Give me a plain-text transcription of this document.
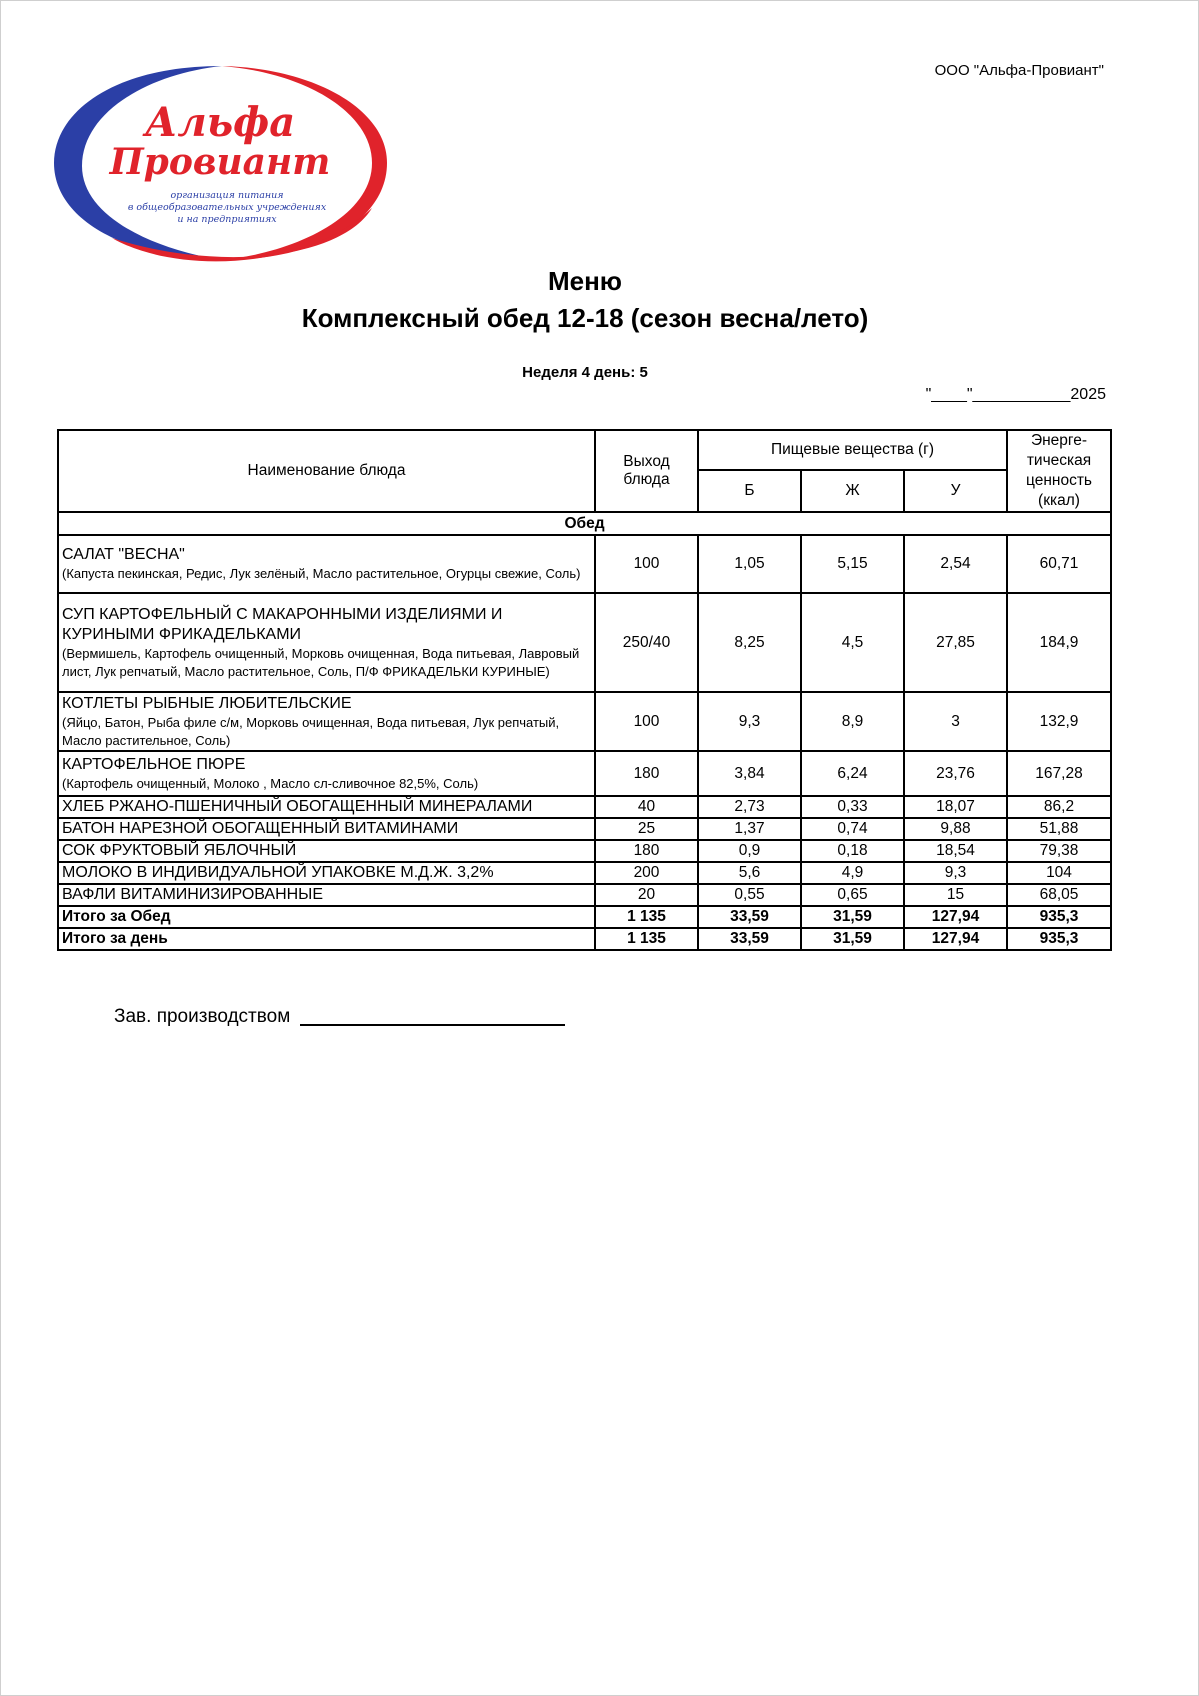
ООО "Альфа-Провиант"
Альфа
Провиант
организация питания
в общеобразовательных учреждениях
и на предприятиях
Меню
Комплексный обед 12-18 (сезон весна/лето)
Неделя 4 день: 5
"____"___________2025
Наименование блюда	Выход блюда	Пищевые вещества (г)			Энерге-тическая ценность (ккал)
		Б	Ж	У	
Обед					

САЛАТ "ВЕСНА"
(Капуста пекинская, Редис, Лук зелёный, Масло растительное, Огурцы свежие, Соль)	100	1,05	5,15	2,54	60,71

СУП КАРТОФЕЛЬНЫЙ С МАКАРОННЫМИ ИЗДЕЛИЯМИ И КУРИНЫМИ ФРИКАДЕЛЬКАМИ
(Вермишель, Картофель очищенный, Морковь очищенная, Вода питьевая, Лавровый лист, Лук репчатый, Масло растительное, Соль, П/Ф ФРИКАДЕЛЬКИ КУРИНЫЕ)	250/40	8,25	4,5	27,85	184,9

КОТЛЕТЫ РЫБНЫЕ ЛЮБИТЕЛЬСКИЕ
(Яйцо, Батон, Рыба филе с/м, Морковь очищенная, Вода питьевая, Лук репчатый, Масло растительное, Соль)	100	9,3	8,9	3	132,9

КАРТОФЕЛЬНОЕ ПЮРЕ
(Картофель очищенный, Молоко , Масло сл-сливочное 82,5%, Соль)	180	3,84	6,24	23,76	167,28

ХЛЕБ РЖАНО-ПШЕНИЧНЫЙ ОБОГАЩЕННЫЙ МИНЕРАЛАМИ	40	2,73	0,33	18,07	86,2

БАТОН НАРЕЗНОЙ ОБОГАЩЕННЫЙ ВИТАМИНАМИ	25	1,37	0,74	9,88	51,88

СОК ФРУКТОВЫЙ ЯБЛОЧНЫЙ	180	0,9	0,18	18,54	79,38

МОЛОКО В ИНДИВИДУАЛЬНОЙ УПАКОВКЕ М.Д.Ж. 3,2%	200	5,6	4,9	9,3	104

ВАФЛИ ВИТАМИНИЗИРОВАННЫЕ	20	0,55	0,65	15	68,05
Итого за Обед	1 135	33,59	31,59	127,94	935,3
Итого за день	1 135	33,59	31,59	127,94	935,3
Зав. производством
